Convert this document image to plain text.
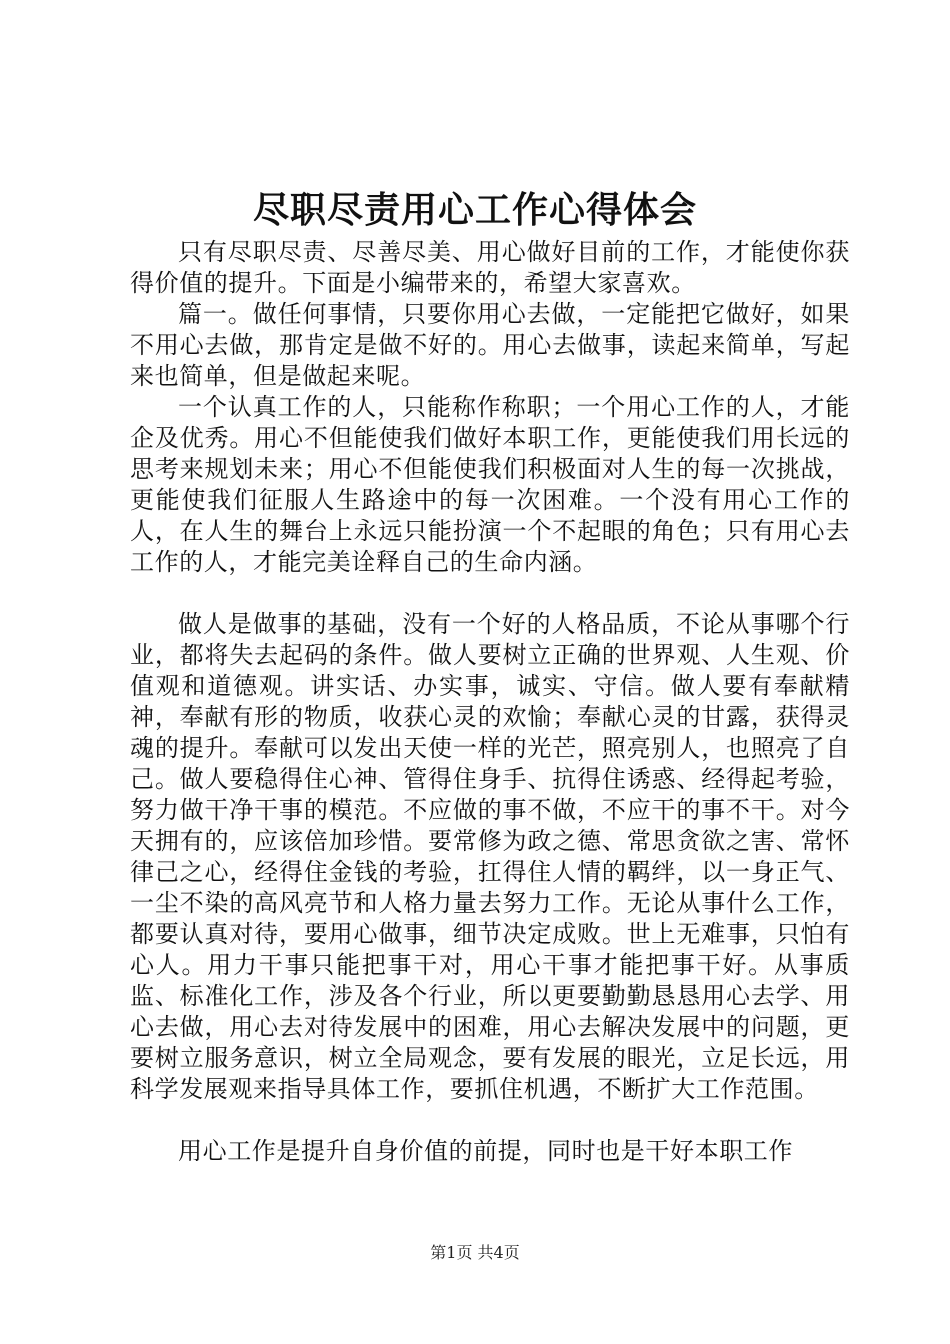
尽职尽责用心工作心得体会

只有尽职尽责、尽善尽美、用心做好目前的工作，才能使你获得价值的提升。下面是小编带来的，希望大家喜欢。

篇一。做任何事情，只要你用心去做，一定能把它做好，如果不用心去做，那肯定是做不好的。用心去做事，读起来简单，写起来也简单，但是做起来呢。

一个认真工作的人，只能称作称职；一个用心工作的人，才能企及优秀。用心不但能使我们做好本职工作，更能使我们用长远的思考来规划未来；用心不但能使我们积极面对人生的每一次挑战，更能使我们征服人生路途中的每一次困难。一个没有用心工作的人，在人生的舞台上永远只能扮演一个不起眼的角色；只有用心去工作的人，才能完美诠释自己的生命内涵。

做人是做事的基础，没有一个好的人格品质，不论从事哪个行业，都将失去起码的条件。做人要树立正确的世界观、人生观、价值观和道德观。讲实话、办实事，诚实、守信。做人要有奉献精神，奉献有形的物质，收获心灵的欢愉；奉献心灵的甘露，获得灵魂的提升。奉献可以发出天使一样的光芒，照亮别人，也照亮了自己。做人要稳得住心神、管得住身手、抗得住诱惑、经得起考验，努力做干净干事的模范。不应做的事不做，不应干的事不干。对今天拥有的，应该倍加珍惜。要常修为政之德、常思贪欲之害、常怀律己之心，经得住金钱的考验，扛得住人情的羁绊，以一身正气、一尘不染的高风亮节和人格力量去努力工作。无论从事什么工作，都要认真对待，要用心做事，细节决定成败。世上无难事，只怕有心人。用力干事只能把事干对，用心干事才能把事干好。从事质监、标准化工作，涉及各个行业，所以更要勤勤恳恳用心去学、用心去做，用心去对待发展中的困难，用心去解决发展中的问题，更要树立服务意识，树立全局观念，要有发展的眼光，立足长远，用科学发展观来指导具体工作，要抓住机遇，不断扩大工作范围。

用心工作是提升自身价值的前提，同时也是干好本职工作

第1页 共4页
